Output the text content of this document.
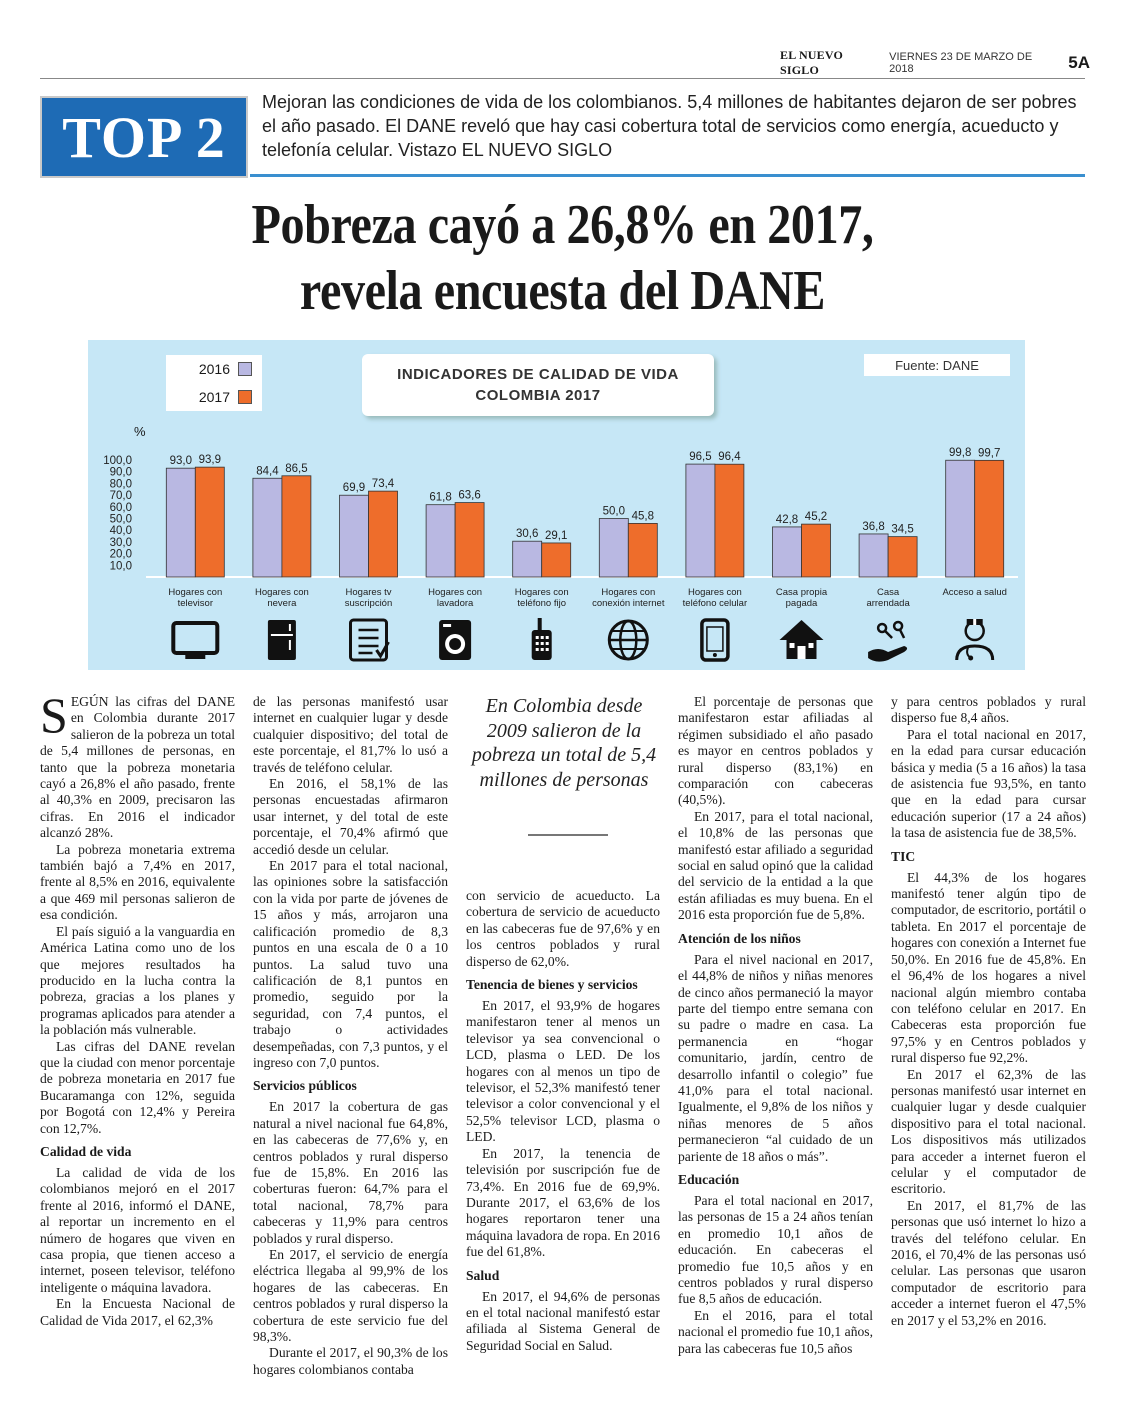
EL NUEVO SIGLO
VIERNES 23 DE MARZO DE 2018	5A
TOP 2
Mejoran las condiciones de vida de los colombianos. 5,4 millones de habitantes dejaron de ser pobres el año pasado. El DANE reveló que hay casi cobertura total de servicios como energía, acueducto y telefonía celular. Vistazo EL NUEVO SIGLO
Pobreza cayó a 26,8% en 2017,
revela encuesta del DANE
2016
2017
INDICADORES DE CALIDAD DE VIDA COLOMBIA 2017
Fuente: DANE
%
100,0
90,0
80,0
70,0
60,0
50,0
40,0
30,0
20,0
10,0
93,0 93,9
Hogares con
televisor
84,4 86,5
Hogares con
nevera
69,9 73,4
Hogares tv
suscripción
61,8 63,6
Hogares con
lavadora
30,6 29,1
Hogares con
teléfono fijo
50,0 45,8
Hogares con
conexión internet
96,5 96,4
Hogares con
teléfono celular
42,8 45,2
Casa propia
pagada
36,8 34,5
Casa
arrendada
99,8 99,7
Acceso a salud

SEGÚN las cifras del DANE en Colombia durante 2017 salieron de la pobreza un total de 5,4 millones de personas, en tanto que la pobreza monetaria cayó a 26,8% el año pasado, frente al 40,3% en 2009, precisaron las cifras. En 2016 el indicador alcanzó 28%.

La pobreza monetaria extrema también bajó a 7,4% en 2017, frente al 8,5% en 2016, equivalente a que 469 mil personas salieron de esa condición.

El país siguió a la vanguardia en América Latina como uno de los que mejores resultados ha producido en la lucha contra la pobreza, gracias a los planes y programas aplicados para atender a la población más vulnerable.

Las cifras del DANE revelan que la ciudad con menor porcentaje de pobreza monetaria en 2017 fue Bucaramanga con 12%, seguida por Bogotá con 12,4% y Pereira con 12,7%.

Calidad de vida

La calidad de vida de los colombianos mejoró en el 2017 frente al 2016, informó el DANE, al reportar un incremento en el número de hogares que viven en casa propia, que tienen acceso a internet, poseen televisor, teléfono inteligente o máquina lavadora.

En la Encuesta Nacional de Calidad de Vida 2017, el 62,3%

de las personas manifestó usar internet en cualquier lugar y desde cualquier dispositivo; del total de este porcentaje, el 81,7% lo usó a través de teléfono celular.

En 2016, el 58,1% de las personas encuestadas afirmaron usar internet, y del total de este porcentaje, el 70,4% afirmó que accedió desde un celular.

En 2017 para el total nacional, las opiniones sobre la satisfacción con la vida por parte de jóvenes de 15 años y más, arrojaron una calificación promedio de 8,3 puntos en una escala de 0 a 10 puntos. La salud tuvo una calificación de 8,1 puntos en promedio, seguido por la seguridad, con 7,4 puntos, el trabajo o actividades desempeñadas, con 7,3 puntos, y el ingreso con 7,0 puntos.

Servicios públicos

En 2017 la cobertura de gas natural a nivel nacional fue 64,8%, en las cabeceras de 77,6% y, en centros poblados y rural disperso fue de 15,8%. En 2016 las coberturas fueron: 64,7% para el total nacional, 78,7% para cabeceras y 11,9% para centros poblados y rural disperso.

En 2017, el servicio de energía eléctrica llegaba al 99,9% de los hogares de las cabeceras. En centros poblados y rural disperso la cobertura de este servicio fue del 98,3%.

Durante el 2017, el 90,3% de los hogares colombianos contaba

En Colombia desde 2009 salieron de la pobreza un total de 5,4 millones de personas

con servicio de acueducto. La cobertura de servicio de acueducto en las cabeceras fue de 97,6% y en los centros poblados y rural disperso de 62,0%.

Tenencia de bienes y servicios

En 2017, el 93,9% de hogares manifestaron tener al menos un televisor ya sea convencional o LCD, plasma o LED. De los hogares con al menos un tipo de televisor, el 52,3% manifestó tener televisor a color convencional y el 52,5% televisor LCD, plasma o LED.

En 2017, la tenencia de televisión por suscripción fue de 73,4%. En 2016 fue de 69,9%. Durante 2017, el 63,6% de los hogares reportaron tener una máquina lavadora de ropa. En 2016 fue del 61,8%.

Salud

En 2017, el 94,6% de personas en el total nacional manifestó estar afiliada al Sistema General de Seguridad Social en Salud.

El porcentaje de personas que manifestaron estar afiliadas al régimen subsidiado el año pasado es mayor en centros poblados y rural disperso (83,1%) en comparación con cabeceras (40,5%).

En 2017, para el total nacional, el 10,8% de las personas que manifestó estar afiliado a seguridad social en salud opinó que la calidad del servicio de la entidad a la que están afiliadas es muy buena. En el 2016 esta proporción fue de 5,8%.

Atención de los niños

Para el nivel nacional en 2017, el 44,8% de niños y niñas menores de cinco años permaneció la mayor parte del tiempo entre semana con su padre o madre en casa. La permanencia en “hogar comunitario, jardín, centro de desarrollo infantil o colegio” fue 41,0% para el total nacional. Igualmente, el 9,8% de los niños y niñas menores de 5 años permanecieron “al cuidado de un pariente de 18 años o más”.

Educación

Para el total nacional en 2017, las personas de 15 a 24 años tenían en promedio 10,1 años de educación. En cabeceras el promedio fue 10,5 años y en centros poblados y rural disperso fue 8,5 años de educación.

En el 2016, para el total nacional el promedio fue 10,1 años, para las cabeceras fue 10,5 años

y para centros poblados y rural disperso fue 8,4 años.

Para el total nacional en 2017, en la edad para cursar educación básica y media (5 a 16 años) la tasa de asistencia fue 93,5%, en tanto que en la edad para cursar educación superior (17 a 24 años) la tasa de asistencia fue de 38,5%.

TIC

El 44,3% de los hogares manifestó tener algún tipo de computador, de escritorio, portátil o tableta. En 2017 el porcentaje de hogares con conexión a Internet fue 50,0%. En 2016 fue de 45,8%. En el 96,4% de los hogares a nivel nacional algún miembro contaba con teléfono celular en 2017. En Cabeceras esta proporción fue 97,5% y en Centros poblados y rural disperso fue 92,2%.

En 2017 el 62,3% de las personas manifestó usar internet en cualquier lugar y desde cualquier dispositivo para el total nacional. Los dispositivos más utilizados para acceder a internet fueron el celular y el computador de escritorio.

En 2017, el 81,7% de las personas que usó internet lo hizo a través del teléfono celular. En 2016, el 70,4% de las personas usó celular. Las personas que usaron computador de escritorio para acceder a internet fueron el 47,5% en 2017 y el 53,2% en 2016.
